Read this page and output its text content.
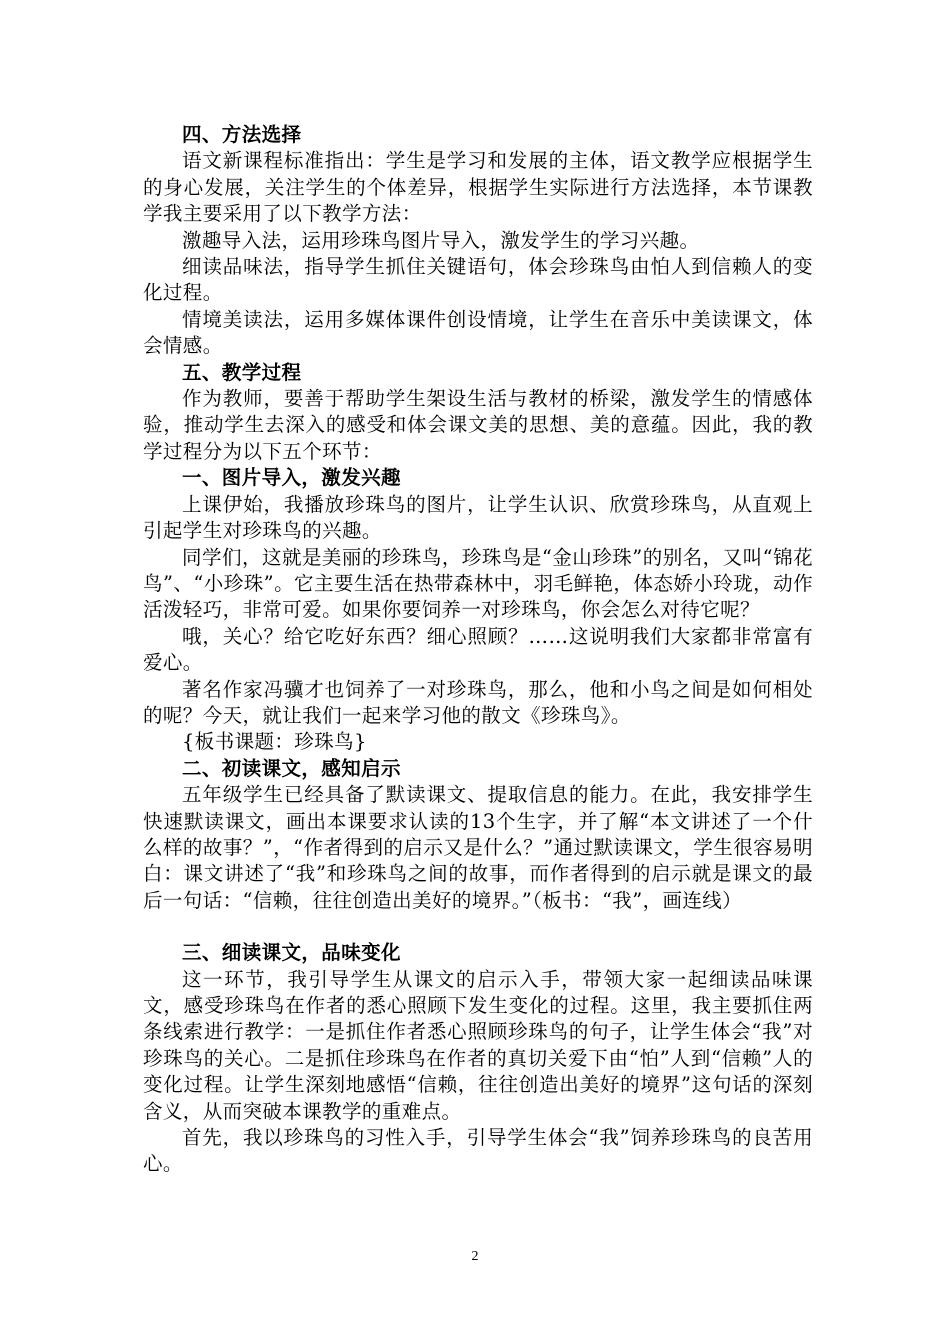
四、方法选择

语文新课程标准指出：学生是学习和发展的主体，语文教学应根据学生的身心发展，关注学生的个体差异，根据学生实际进行方法选择，本节课教学我主要采用了以下教学方法：

激趣导入法，运用珍珠鸟图片导入，激发学生的学习兴趣。

细读品味法，指导学生抓住关键语句，体会珍珠鸟由怕人到信赖人的变化过程。

情境美读法，运用多媒体课件创设情境，让学生在音乐中美读课文，体会情感。

五、教学过程

作为教师，要善于帮助学生架设生活与教材的桥梁，激发学生的情感体验，推动学生去深入的感受和体会课文美的思想、美的意蕴。因此，我的教学过程分为以下五个环节：

一、图片导入，激发兴趣

上课伊始，我播放珍珠鸟的图片，让学生认识、欣赏珍珠鸟，从直观上引起学生对珍珠鸟的兴趣。

同学们，这就是美丽的珍珠鸟，珍珠鸟是“金山珍珠”的别名，又叫“锦花鸟”、“小珍珠”。它主要生活在热带森林中，羽毛鲜艳，体态娇小玲珑，动作活泼轻巧，非常可爱。如果你要饲养一对珍珠鸟，你会怎么对待它呢？

哦，关心？给它吃好东西？细心照顾？……这说明我们大家都非常富有爱心。

著名作家冯骥才也饲养了一对珍珠鸟，那么，他和小鸟之间是如何相处的呢？今天，就让我们一起来学习他的散文《珍珠鸟》。

{板书课题：珍珠鸟}

二、初读课文，感知启示

五年级学生已经具备了默读课文、提取信息的能力。在此，我安排学生快速默读课文，画出本课要求认读的13个生字，并了解“本文讲述了一个什么样的故事？”，“作者得到的启示又是什么？”通过默读课文，学生很容易明白：课文讲述了“我”和珍珠鸟之间的故事，而作者得到的启示就是课文的最后一句话：“信赖，往往创造出美好的境界。”（板书：“我”，画连线）

三、细读课文，品味变化

这一环节，我引导学生从课文的启示入手，带领大家一起细读品味课文，感受珍珠鸟在作者的悉心照顾下发生变化的过程。这里，我主要抓住两条线索进行教学：一是抓住作者悉心照顾珍珠鸟的句子，让学生体会“我”对珍珠鸟的关心。二是抓住珍珠鸟在作者的真切关爱下由“怕”人到“信赖”人的变化过程。让学生深刻地感悟“信赖，往往创造出美好的境界”这句话的深刻含义，从而突破本课教学的重难点。

首先，我以珍珠鸟的习性入手，引导学生体会“我”饲养珍珠鸟的良苦用心。

2
